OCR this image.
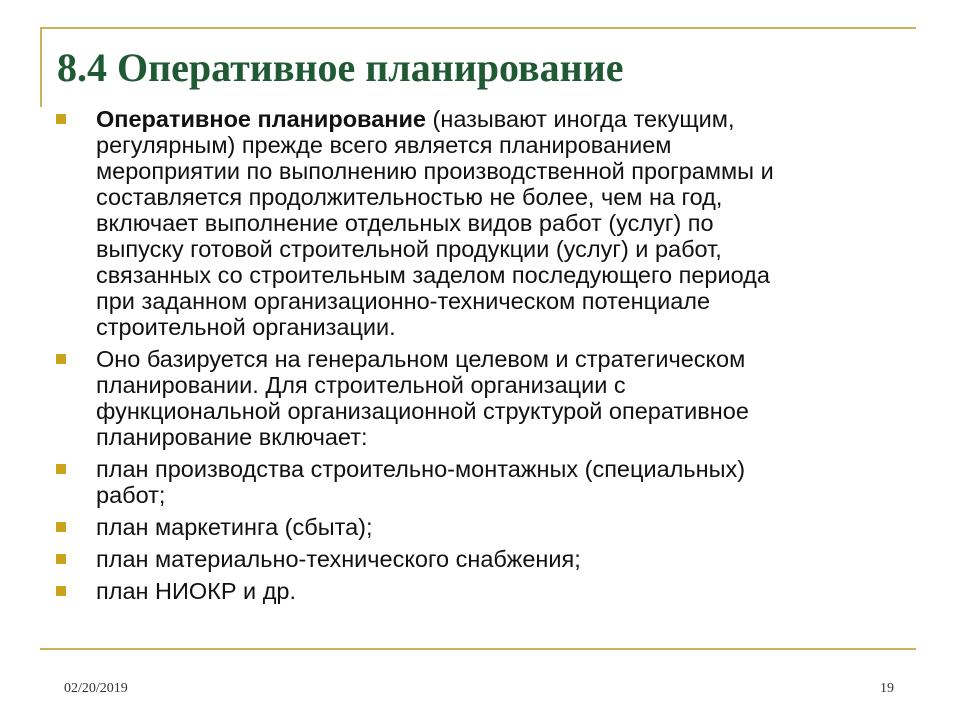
8.4 Оперативное планирование
Оперативное планирование (называют иногда текущим,
регулярным) прежде всего является планированием
мероприятии по выполнению производственной программы и
составляется продолжительностью не более, чем на год,
включает выполнение отдельных видов работ (услуг) по
выпуску готовой строительной продукции (услуг) и работ,
связанных со строительным заделом последующего периода
при заданном организационно-техническом потенциале
строительной организации.
Оно базируется на генеральном целевом и стратегическом
планировании. Для строительной организации с
функциональной организационной структурой оперативное
планирование включает:
план производства строительно-монтажных (специальных)
работ;
план маркетинга (сбыта);
план материально-технического снабжения;
план НИОКР и др.
02/20/2019	19
